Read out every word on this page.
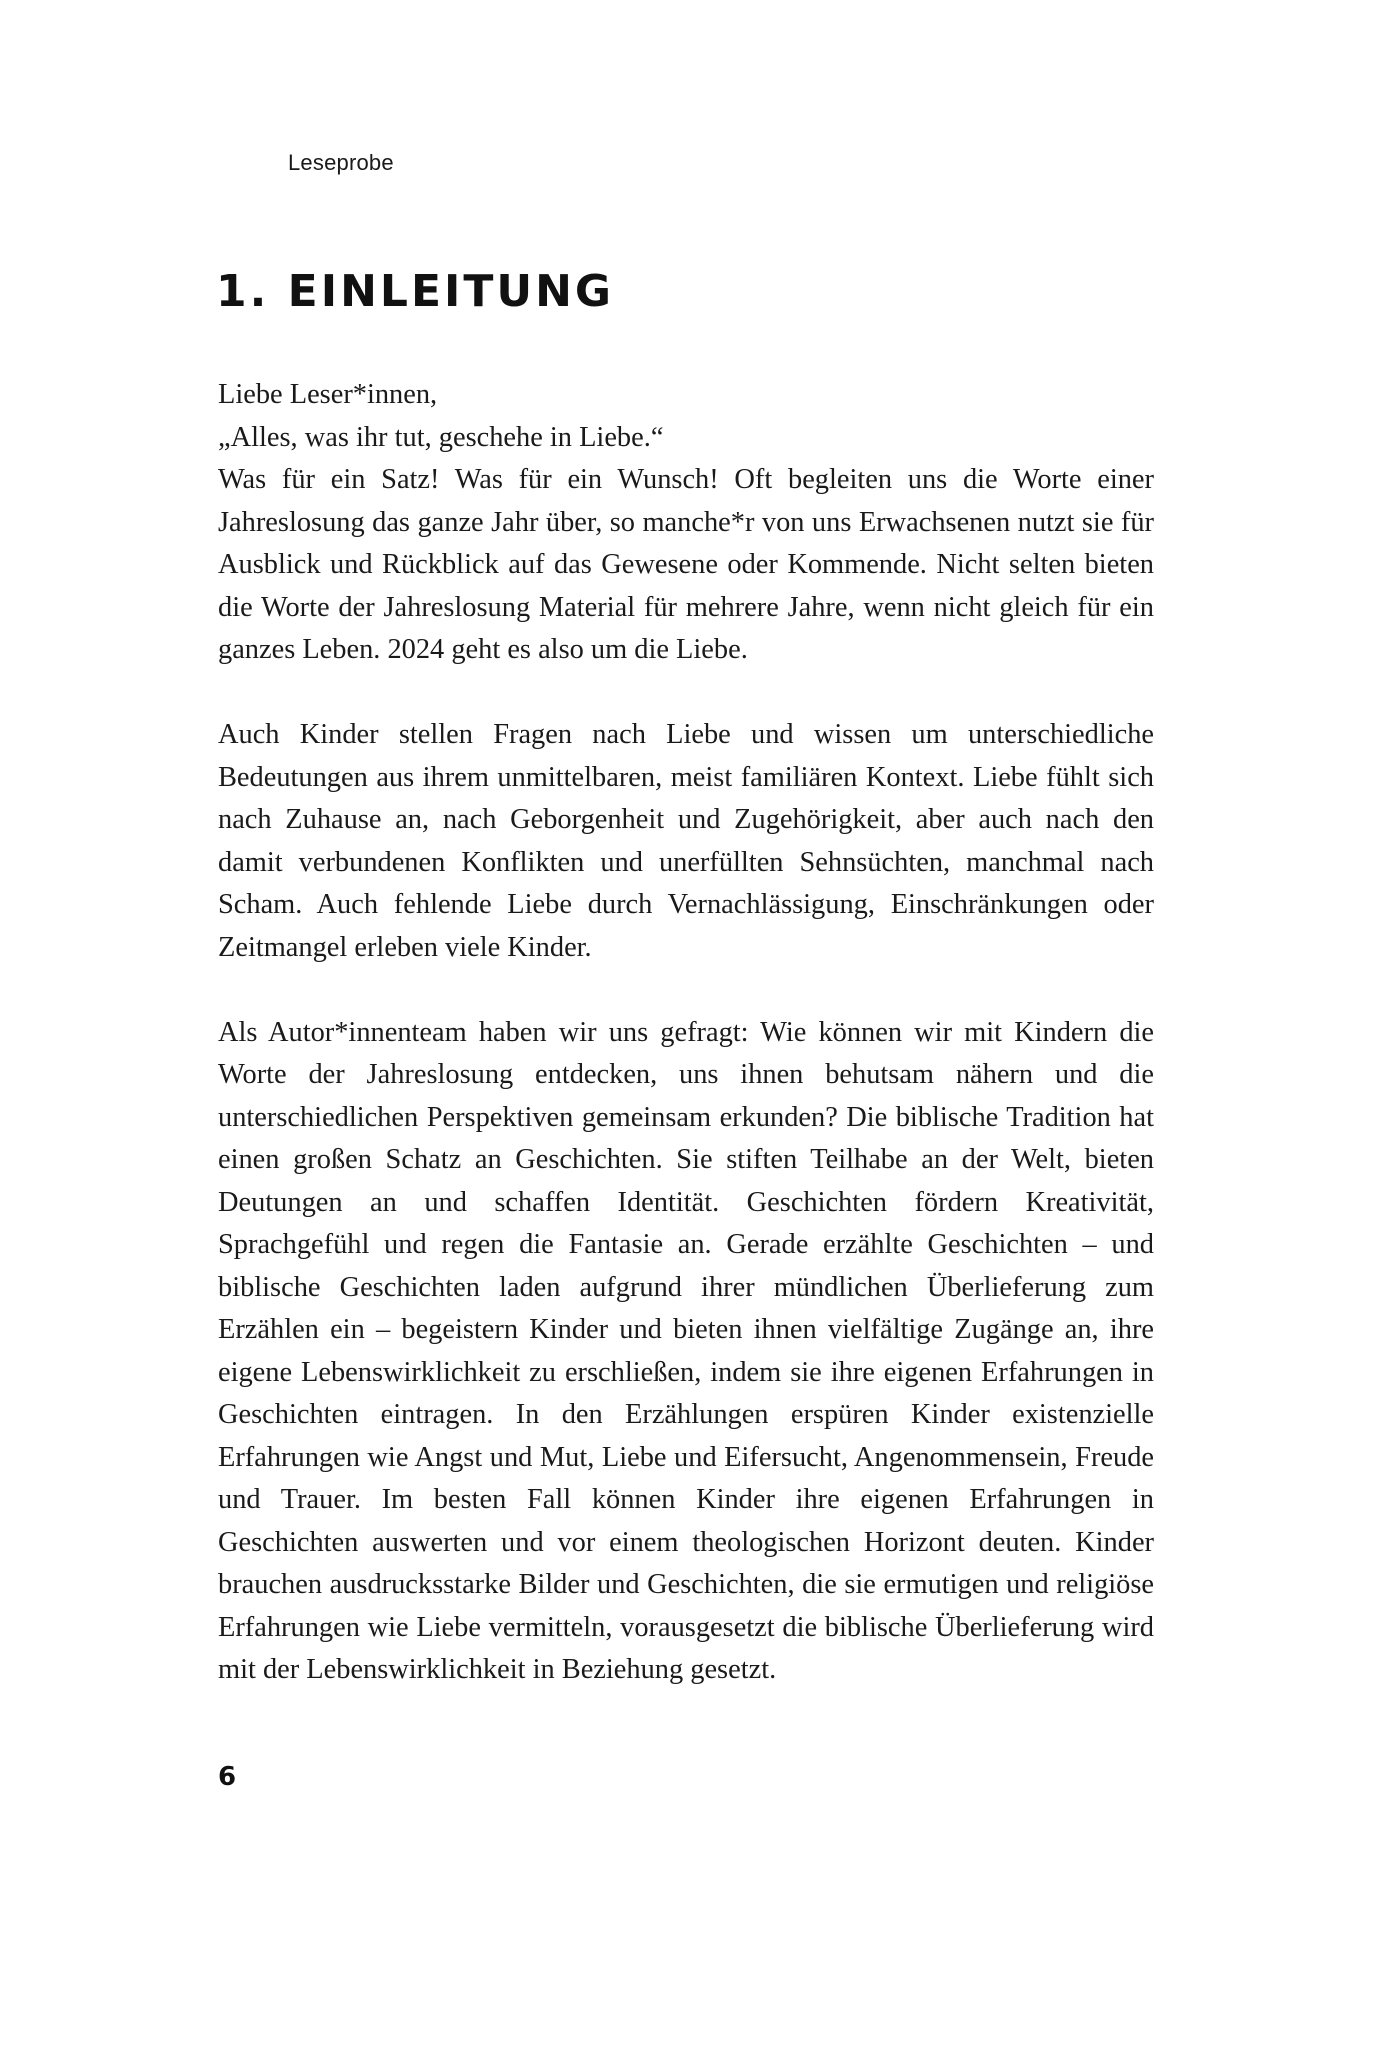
Leseprobe
1. EINLEITUNG

Liebe Leser*innen,

„Alles, was ihr tut, geschehe in Liebe.“

Was für ein Satz! Was für ein Wunsch! Oft begleiten uns die Worte einer Jahreslosung das ganze Jahr über, so manche*r von uns Erwachsenen nutzt sie für Ausblick und Rückblick auf das Gewesene oder Kommende. Nicht selten bieten die Worte der Jahreslosung Material für mehrere Jahre, wenn nicht gleich für ein ganzes Leben. 2024 geht es also um die Liebe.

Auch Kinder stellen Fragen nach Liebe und wissen um unterschiedliche Bedeutungen aus ihrem unmittelbaren, meist familiären Kontext. Liebe fühlt sich nach Zuhause an, nach Geborgenheit und Zugehörigkeit, aber auch nach den damit verbundenen Konflikten und unerfüllten Sehnsüchten, manchmal nach Scham. Auch fehlende Liebe durch Vernachlässigung, Einschränkungen oder Zeitmangel erleben viele Kinder.

Als Autor*innenteam haben wir uns gefragt: Wie können wir mit Kindern die Worte der Jahreslosung entdecken, uns ihnen behutsam nähern und die unterschiedlichen Perspektiven gemeinsam erkunden? Die biblische Tradition hat einen großen Schatz an Geschichten. Sie stiften Teilhabe an der Welt, bieten Deutungen an und schaffen Identität. Geschichten fördern Kreativität, Sprachgefühl und regen die Fantasie an. Gerade erzählte Geschichten – und biblische Geschichten laden aufgrund ihrer mündlichen Überlieferung zum Erzählen ein – begeistern Kinder und bieten ihnen vielfältige Zugänge an, ihre eigene Lebenswirklichkeit zu erschließen, indem sie ihre eigenen Erfahrungen in Geschichten eintragen. In den Erzählungen erspüren Kinder existenzielle Erfahrungen wie Angst und Mut, Liebe und Eifersucht, Angenommensein, Freude und Trauer. Im besten Fall können Kinder ihre eigenen Erfahrungen in Geschichten auswerten und vor einem theologischen Horizont deuten. Kinder brauchen ausdrucksstarke Bilder und Geschichten, die sie ermutigen und religiöse Erfahrungen wie Liebe vermitteln, vorausgesetzt die biblische Überlieferung wird mit der Lebenswirklichkeit in Beziehung gesetzt.

6
